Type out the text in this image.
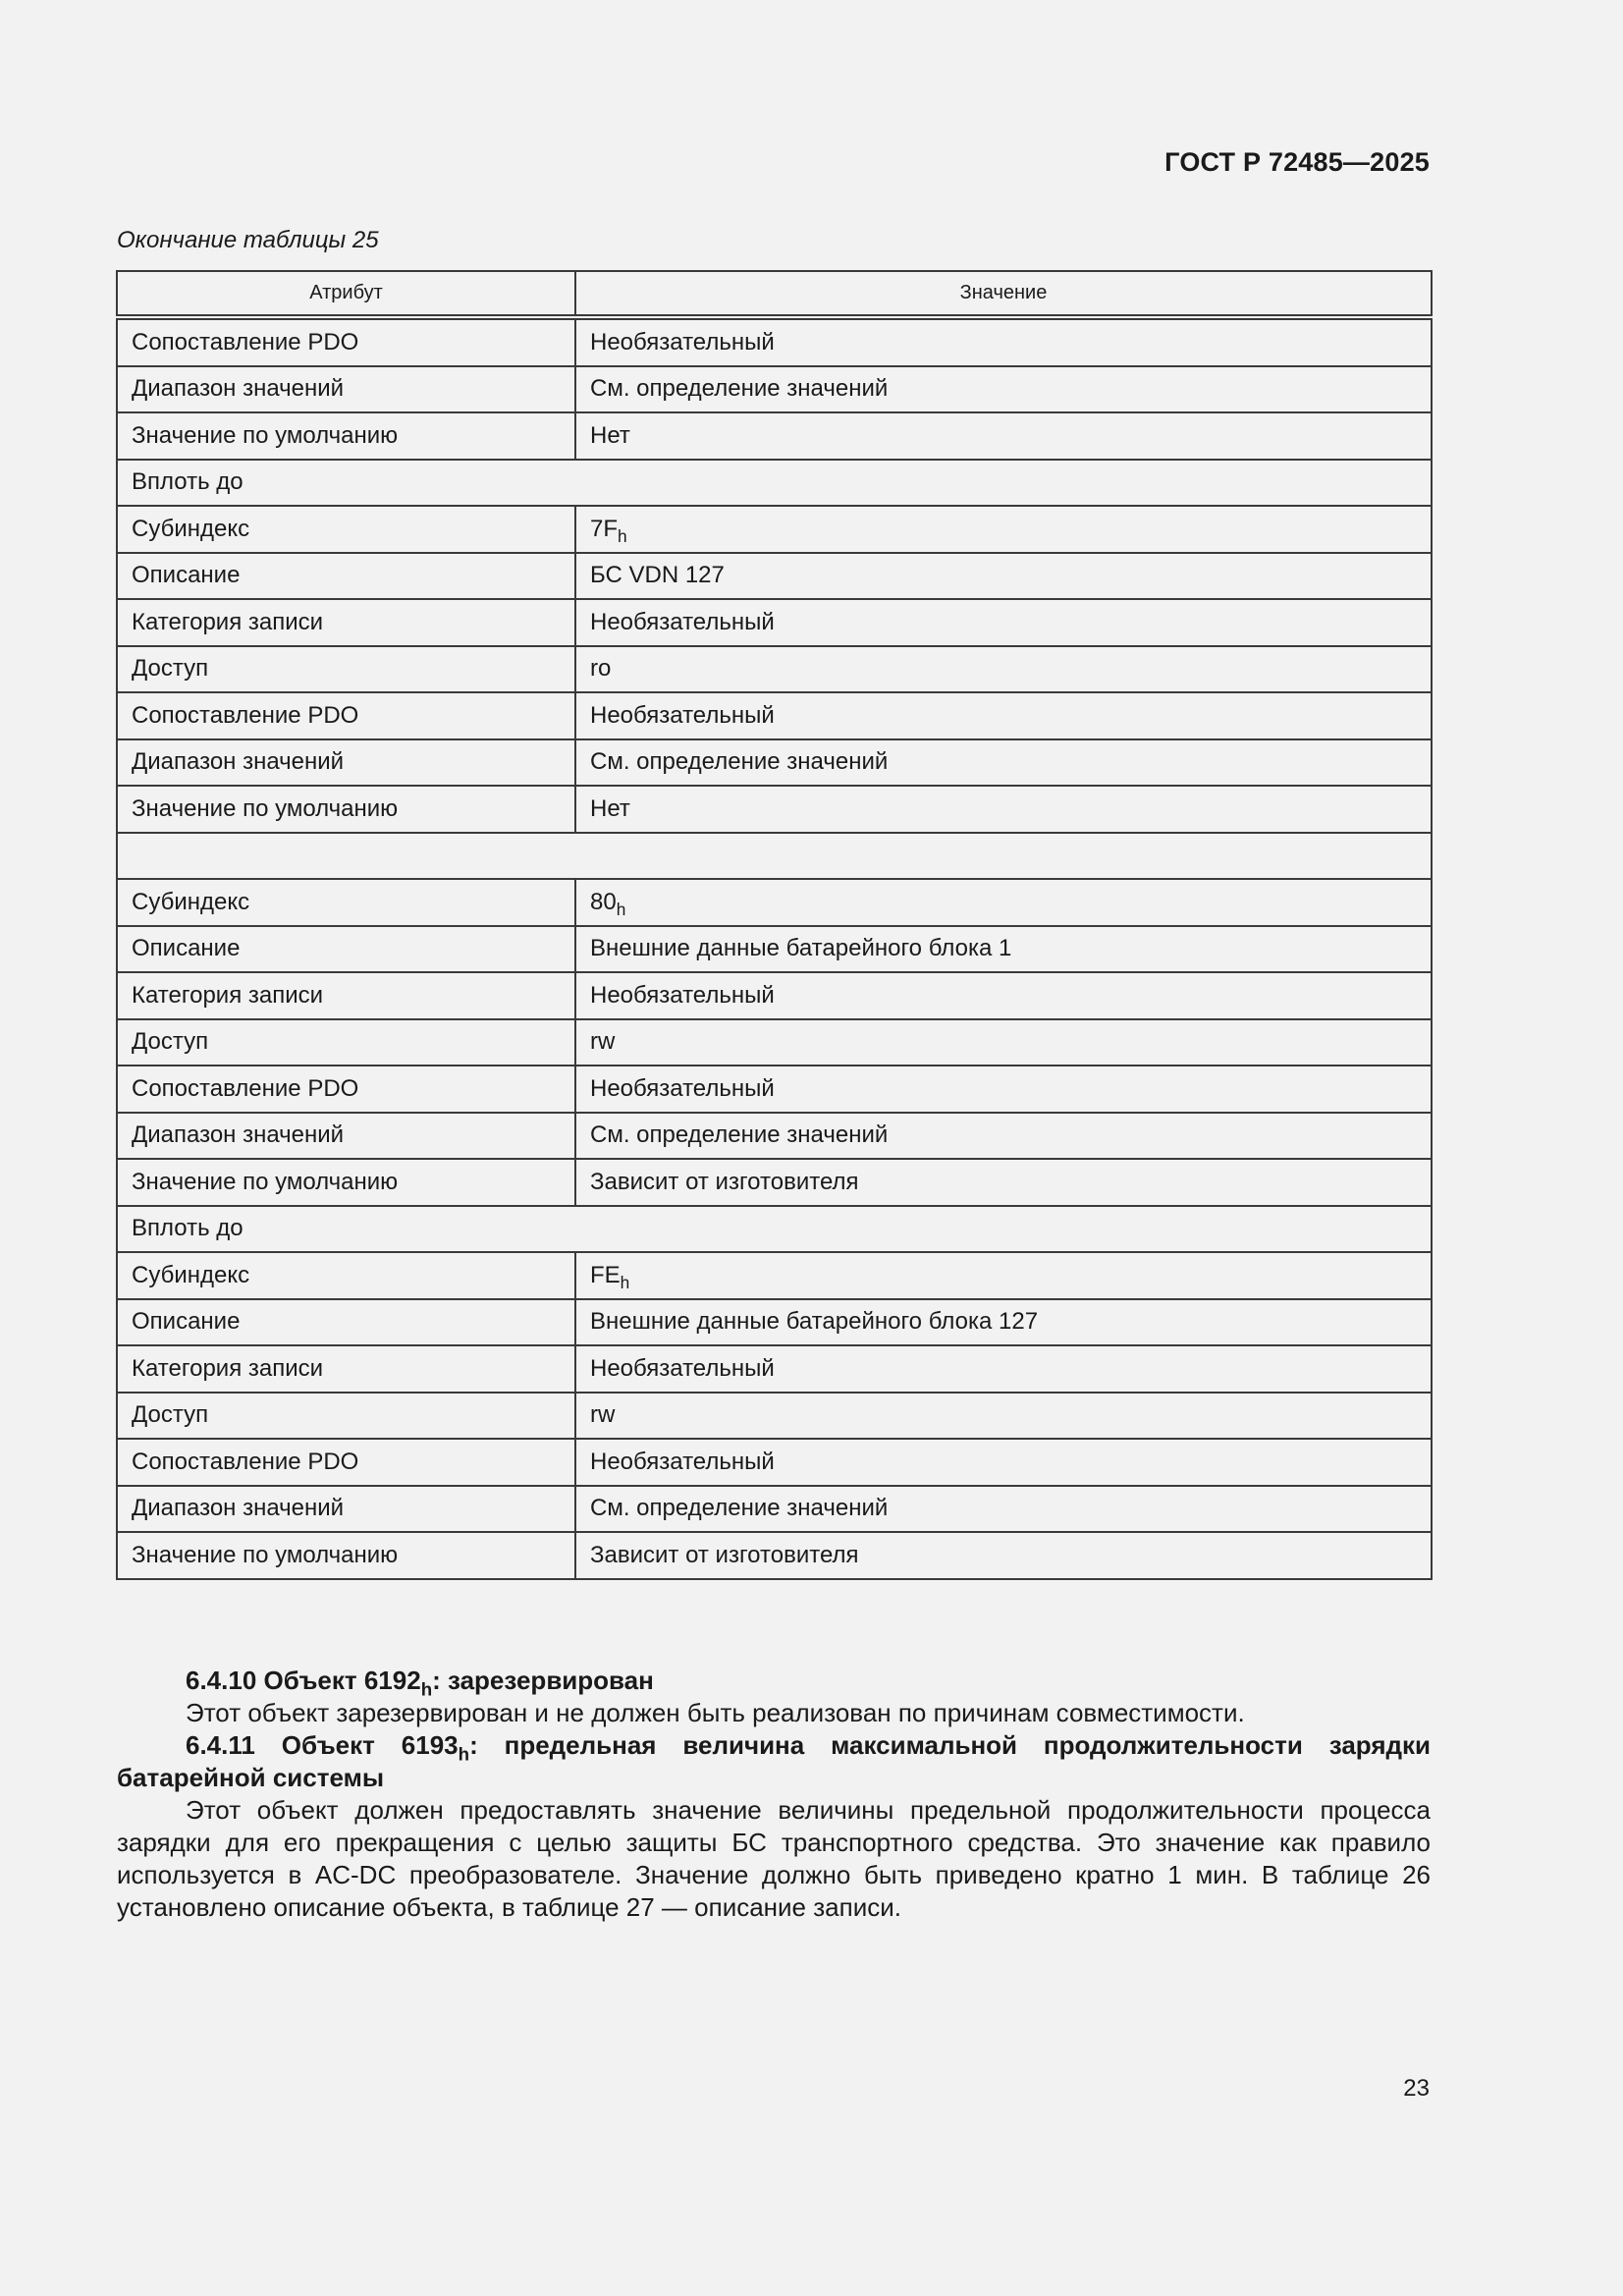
ГОСТ Р 72485—2025
Окончание таблицы 25
Атрибут	Значение
Сопоставление PDO	Необязательный
Диапазон значений	См. определение значений
Значение по умолчанию	Нет
Вплоть до	
Субиндекс	$7F_h$
Описание	БС VDN 127
Категория записи	Необязательный
Доступ	ro
Сопоставление PDO	Необязательный
Диапазон значений	См. определение значений
Значение по умолчанию	Нет

Субиндекс	$80_h$
Описание	Внешние данные батарейного блока 1
Категория записи	Необязательный
Доступ	rw
Сопоставление PDO	Необязательный
Диапазон значений	См. определение значений
Значение по умолчанию	Зависит от изготовителя
Вплоть до	
Субиндекс	$FE_h$
Описание	Внешние данные батарейного блока 127
Категория записи	Необязательный
Доступ	rw
Сопоставление PDO	Необязательный
Диапазон значений	См. определение значений
Значение по умолчанию	Зависит от изготовителя

6.4.10 Объект $6192_h$: зарезервирован

Этот объект зарезервирован и не должен быть реализован по причинам совместимости.

6.4.11 Объект $6193_h$: предельная величина максимальной продолжительности зарядки батарейной системы

Этот объект должен предоставлять значение величины предельной продолжительности процесса зарядки для его прекращения с целью защиты БС транспортного средства. Это значение как правило используется в AC-DC преобразователе. Значение должно быть приведено кратно 1 мин. В таблице 26 установлено описание объекта, в таблице 27 — описание записи.

23
